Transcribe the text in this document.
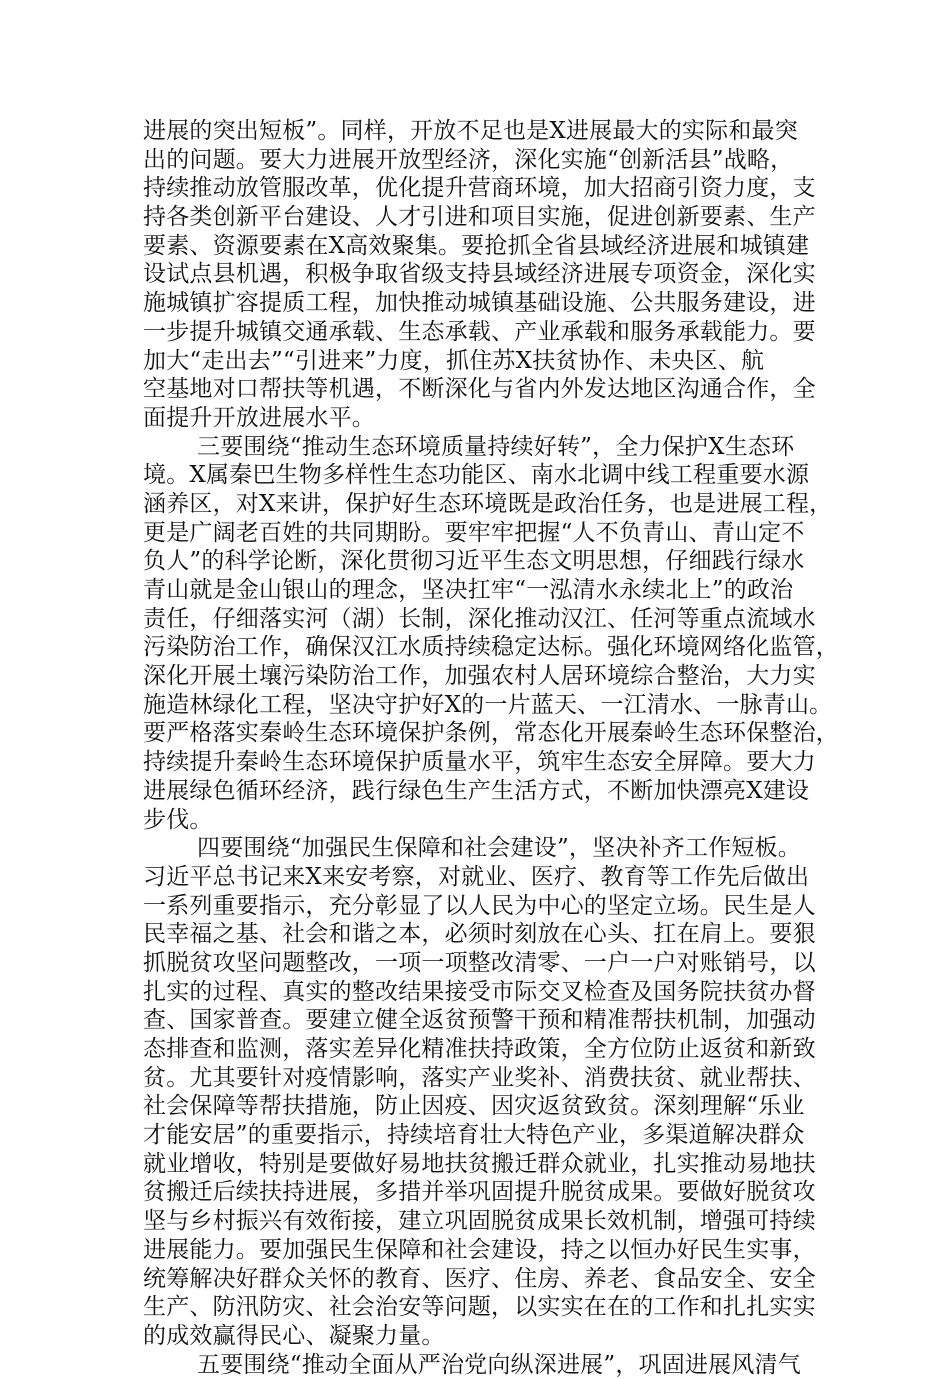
进展的突出短板”。同样，开放不足也是Ⅹ进展最大的实际和最突
出的问题。要大力进展开放型经济，深化实施“创新活县”战略，
持续推动放管服改革，优化提升营商环境，加大招商引资力度，支
持各类创新平台建设、人才引进和项目实施，促进创新要素、生产
要素、资源要素在Ⅹ高效聚集。要抢抓全省县域经济进展和城镇建
设试点县机遇，积极争取省级支持县域经济进展专项资金，深化实
施城镇扩容提质工程，加快推动城镇基础设施、公共服务建设，进
一步提升城镇交通承载、生态承载、产业承载和服务承载能力。要
加大“走出去”“引进来”力度，抓住苏Ⅹ扶贫协作、未央区、航
空基地对口帮扶等机遇，不断深化与省内外发达地区沟通合作，全
面提升开放进展水平。
三要围绕“推动生态环境质量持续好转”，全力保护Ⅹ生态环
境。Ⅹ属秦巴生物多样性生态功能区、南水北调中线工程重要水源
涵养区，对Ⅹ来讲，保护好生态环境既是政治任务，也是进展工程，
更是广阔老百姓的共同期盼。要牢牢把握“人不负青山、青山定不
负人”的科学论断，深化贯彻习近平生态文明思想，仔细践行绿水
青山就是金山银山的理念，坚决扛牢“一泓清水永续北上”的政治
责任，仔细落实河（湖）长制，深化推动汉江、任河等重点流域水
污染防治工作，确保汉江水质持续稳定达标。强化环境网络化监管，
深化开展土壤污染防治工作，加强农村人居环境综合整治，大力实
施造林绿化工程，坚决守护好Ⅹ的一片蓝天、一江清水、一脉青山。
要严格落实秦岭生态环境保护条例，常态化开展秦岭生态环保整治，
持续提升秦岭生态环境保护质量水平，筑牢生态安全屏障。要大力
进展绿色循环经济，践行绿色生产生活方式，不断加快漂亮Ⅹ建设
步伐。
四要围绕“加强民生保障和社会建设”，坚决补齐工作短板。
习近平总书记来Ⅹ来安考察，对就业、医疗、教育等工作先后做出
一系列重要指示，充分彰显了以人民为中心的坚定立场。民生是人
民幸福之基、社会和谐之本，必须时刻放在心头、扛在肩上。要狠
抓脱贫攻坚问题整改，一项一项整改清零、一户一户对账销号，以
扎实的过程、真实的整改结果接受市际交叉检查及国务院扶贫办督
查、国家普查。要建立健全返贫预警干预和精准帮扶机制，加强动
态排查和监测，落实差异化精准扶持政策，全方位防止返贫和新致
贫。尤其要针对疫情影响，落实产业奖补、消费扶贫、就业帮扶、
社会保障等帮扶措施，防止因疫、因灾返贫致贫。深刻理解“乐业
才能安居”的重要指示，持续培育壮大特色产业，多渠道解决群众
就业增收，特别是要做好易地扶贫搬迁群众就业，扎实推动易地扶
贫搬迁后续扶持进展，多措并举巩固提升脱贫成果。要做好脱贫攻
坚与乡村振兴有效衔接，建立巩固脱贫成果长效机制，增强可持续
进展能力。要加强民生保障和社会建设，持之以恒办好民生实事，
统筹解决好群众关怀的教育、医疗、住房、养老、食品安全、安全
生产、防汛防灾、社会治安等问题，以实实在在的工作和扎扎实实
的成效赢得民心、凝聚力量。
五要围绕“推动全面从严治党向纵深进展”，巩固进展风清气
